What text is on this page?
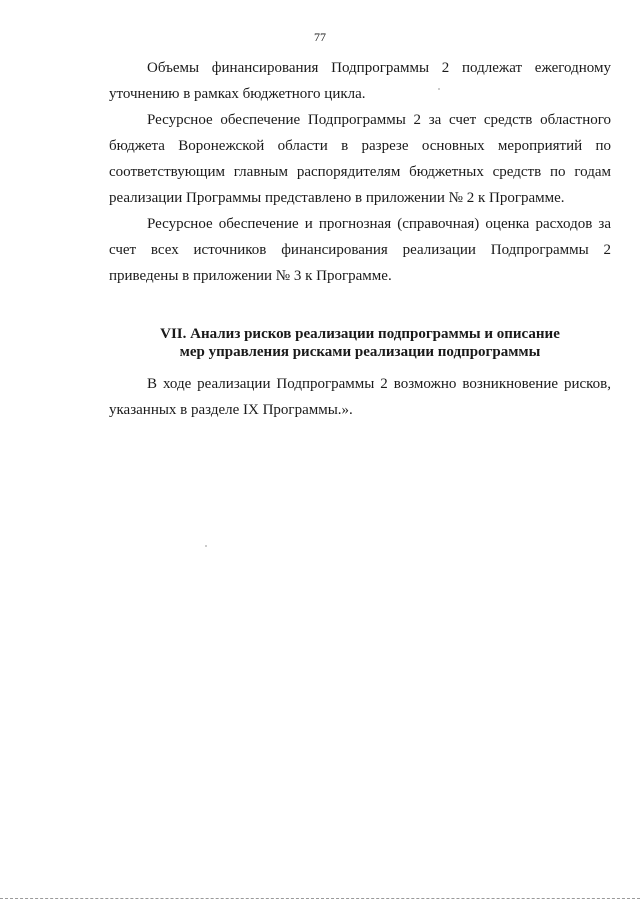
77

Объемы финансирования Подпрограммы 2 подлежат ежегодному уточнению в рамках бюджетного цикла.

Ресурсное обеспечение Подпрограммы 2 за счет средств областного бюджета Воронежской области в разрезе основных мероприятий по соответствующим главным распорядителям бюджетных средств по годам реализации Программы представлено в приложении № 2 к Программе.

Ресурсное обеспечение и прогнозная (справочная) оценка расходов за счет всех источников финансирования реализации Подпрограммы 2 приведены в приложении № 3 к Программе.

VII. Анализ рисков реализации подпрограммы и описание
мер управления рисками реализации подпрограммы

В ходе реализации Подпрограммы 2 возможно возникновение рисков, указанных в разделе IX Программы.».
